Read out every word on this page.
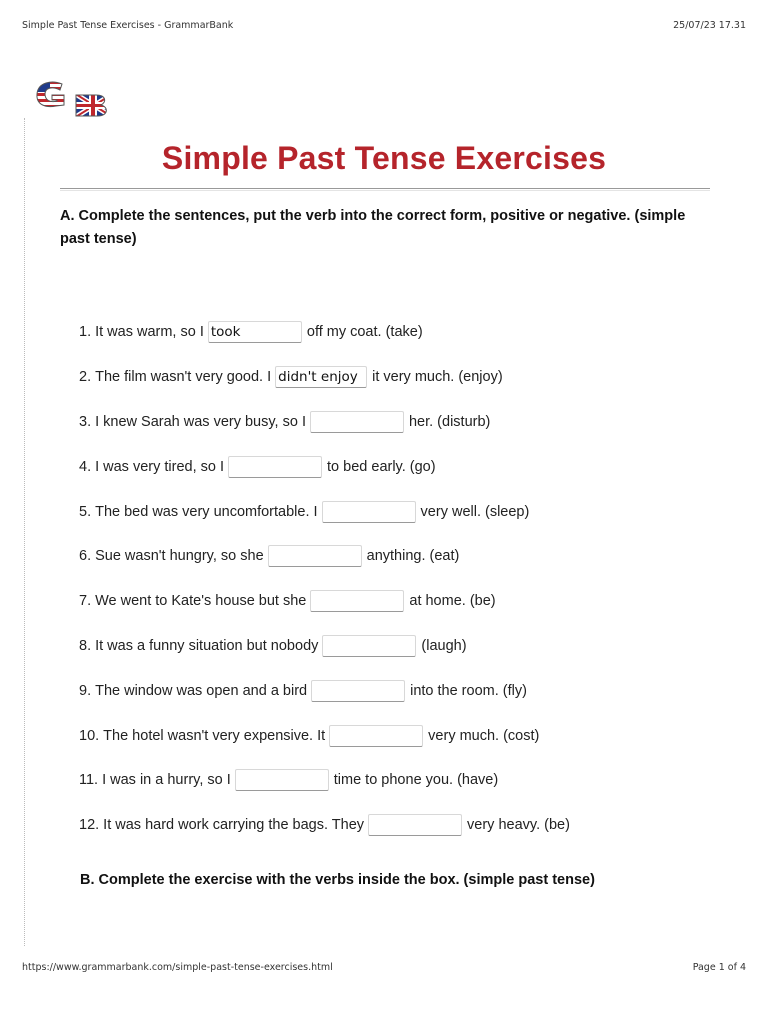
Simple Past Tense Exercises - GrammarBank	25/07/23 17.31
Simple Past Tense Exercises
A. Complete the sentences, put the verb into the correct form, positive or negative. (simple past tense)
1. It was warm, so I took	off my coat. (take)
2. The film wasn't very good. I didn't enjoy it very much. (enjoy)
3. I knew Sarah was very busy, so I	her. (disturb)
4. I was very tired, so I	to bed early. (go)
5. The bed was very uncomfortable. I	very well. (sleep)
6. Sue wasn't hungry, so she	anything. (eat)
7. We went to Kate's house but she	at home. (be)
8. It was a funny situation but nobody	(laugh)
9. The window was open and a bird	into the room. (fly)
10. The hotel wasn't very expensive. It	very much. (cost)
11. I was in a hurry, so I	time to phone you. (have)
12. It was hard work carrying the bags. They	very heavy. (be)
B. Complete the exercise with the verbs inside the box. (simple past tense)
https://www.grammarbank.com/simple-past-tense-exercises.html	Page 1 of 4
